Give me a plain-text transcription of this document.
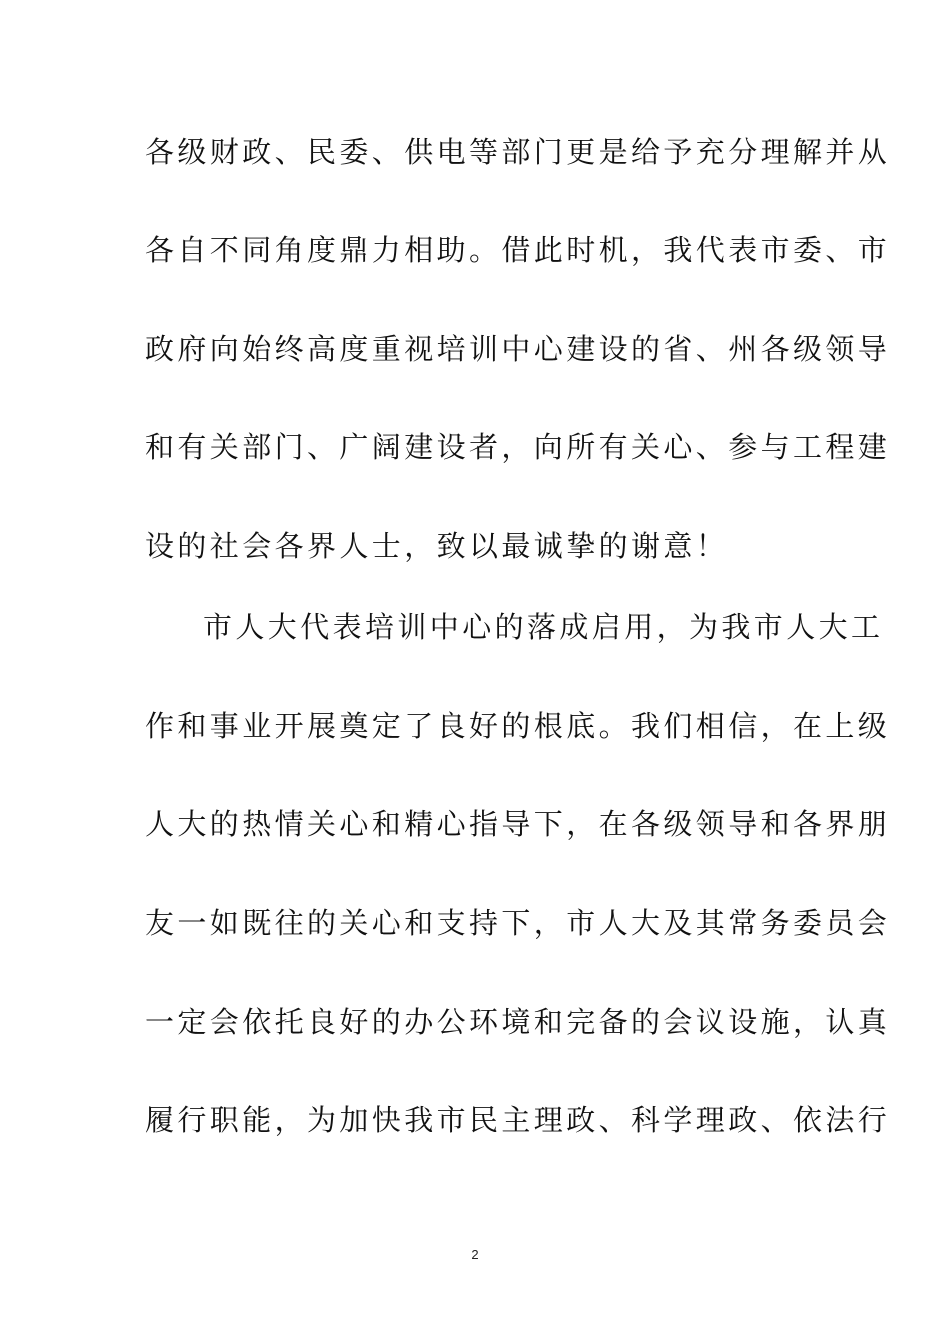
各级财政、民委、供电等部门更是给予充分理解并从
各自不同角度鼎力相助。借此时机，我代表市委、市
政府向始终高度重视培训中心建设的省、州各级领导
和有关部门、广阔建设者，向所有关心、参与工程建
设的社会各界人士，致以最诚挚的谢意！
市人大代表培训中心的落成启用，为我市人大工
作和事业开展奠定了良好的根底。我们相信，在上级
人大的热情关心和精心指导下，在各级领导和各界朋
友一如既往的关心和支持下，市人大及其常务委员会
一定会依托良好的办公环境和完备的会议设施，认真
履行职能，为加快我市民主理政、科学理政、依法行
2
